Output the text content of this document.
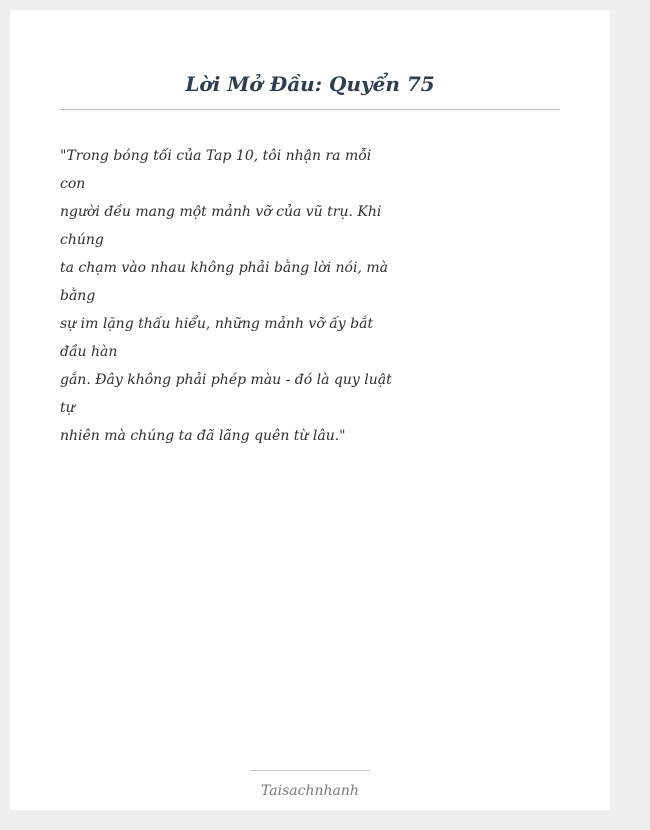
Lời Mở Đầu: Quyển 75

"Trong bóng tối của Tap 10, tôi nhận ra mỗi
con
người đều mang một mảnh vỡ của vũ trụ. Khi
chúng
ta chạm vào nhau không phải bằng lời nói, mà
bằng
sự im lặng thấu hiểu, những mảnh vỡ ấy bắt
đầu hàn
gắn. Đây không phải phép màu - đó là quy luật
tự
nhiên mà chúng ta đã lãng quên từ lâu."

Taisachnhanh
